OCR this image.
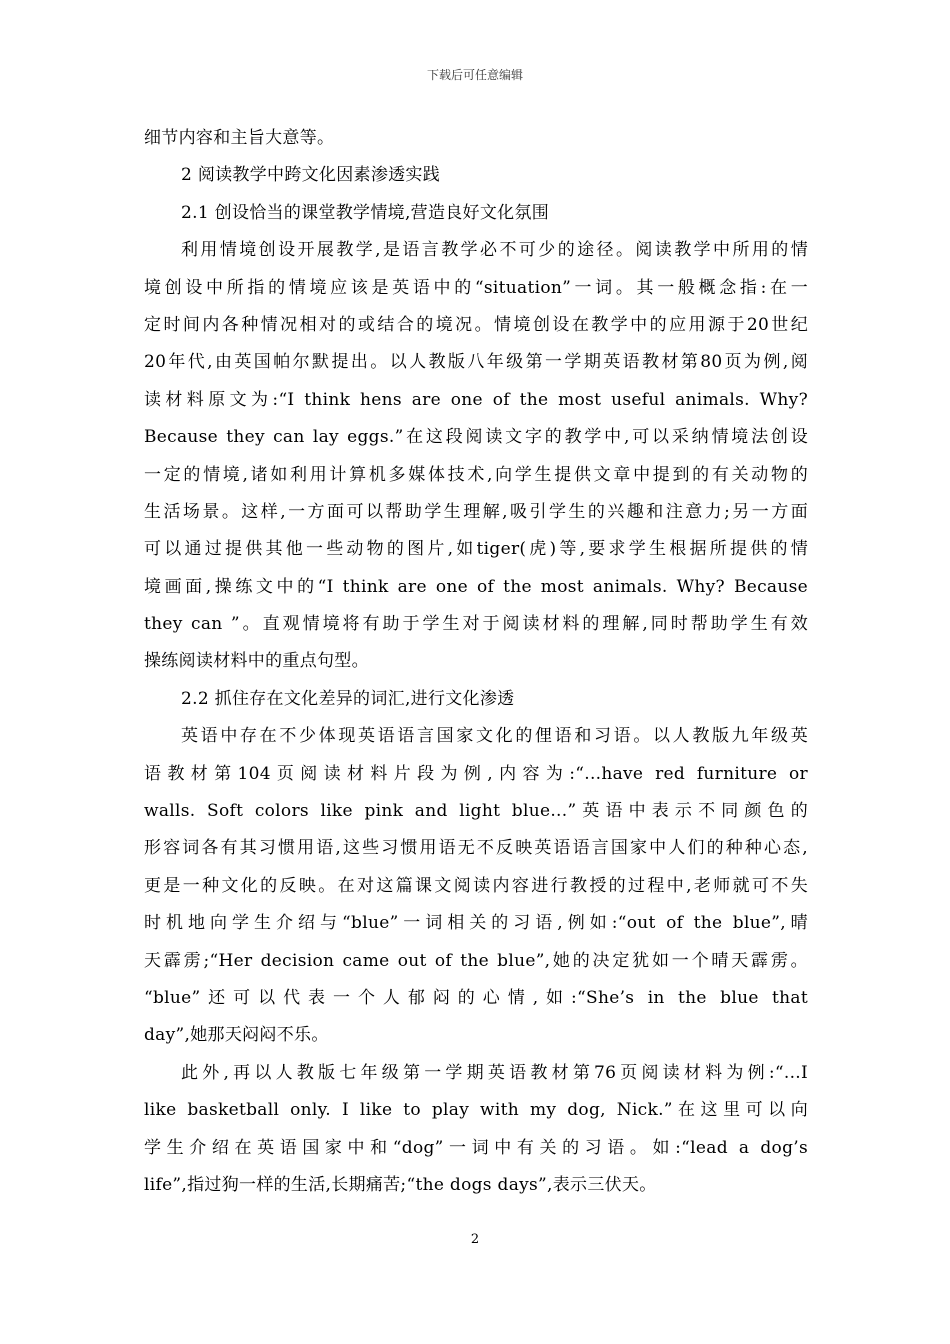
下载后可任意编辑
细节内容和主旨大意等。
2 阅读教学中跨文化因素渗透实践
2.1 创设恰当的课堂教学情境,营造良好文化氛围
利用情境创设开展教学,是语言教学必不可少的途径。阅读教学中所用的情
境创设中所指的情境应该是英语中的“situation”一词。其一般概念指:在一
定时间内各种情况相对的或结合的境况。情境创设在教学中的应用源于20世纪
20年代,由英国帕尔默提出。以人教版八年级第一学期英语教材第80页为例,阅
读材料原文为:“I think hens are one of the most useful animals. Why?
Because they can lay eggs.”在这段阅读文字的教学中,可以采纳情境法创设
一定的情境,诸如利用计算机多媒体技术,向学生提供文章中提到的有关动物的
生活场景。这样,一方面可以帮助学生理解,吸引学生的兴趣和注意力;另一方面
可以通过提供其他一些动物的图片,如tiger(虎)等,要求学生根据所提供的情
境画面,操练文中的“I think are one of the most animals. Why? Because
they can ”。直观情境将有助于学生对于阅读材料的理解,同时帮助学生有效
操练阅读材料中的重点句型。
2.2 抓住存在文化差异的词汇,进行文化渗透
英语中存在不少体现英语语言国家文化的俚语和习语。以人教版九年级英
语教材第104页阅读材料片段为例,内容为:“...have red furniture or
walls. Soft colors like pink and light blue...”英语中表示不同颜色的
形容词各有其习惯用语,这些习惯用语无不反映英语语言国家中人们的种种心态,
更是一种文化的反映。在对这篇课文阅读内容进行教授的过程中,老师就可不失
时机地向学生介绍与“blue”一词相关的习语,例如:“out of the blue”,晴
天霹雳;“Her decision came out of the blue”,她的决定犹如一个晴天霹雳。
“blue”还可以代表一个人郁闷的心情,如:“She’s in the blue that
day”,她那天闷闷不乐。
此外,再以人教版七年级第一学期英语教材第76页阅读材料为例:“...I
like basketball only. I like to play with my dog, Nick.”在这里可以向
学生介绍在英语国家中和“dog”一词中有关的习语。如:“lead a dog’s
life”,指过狗一样的生活,长期痛苦;“the dogs days”,表示三伏天。
2
